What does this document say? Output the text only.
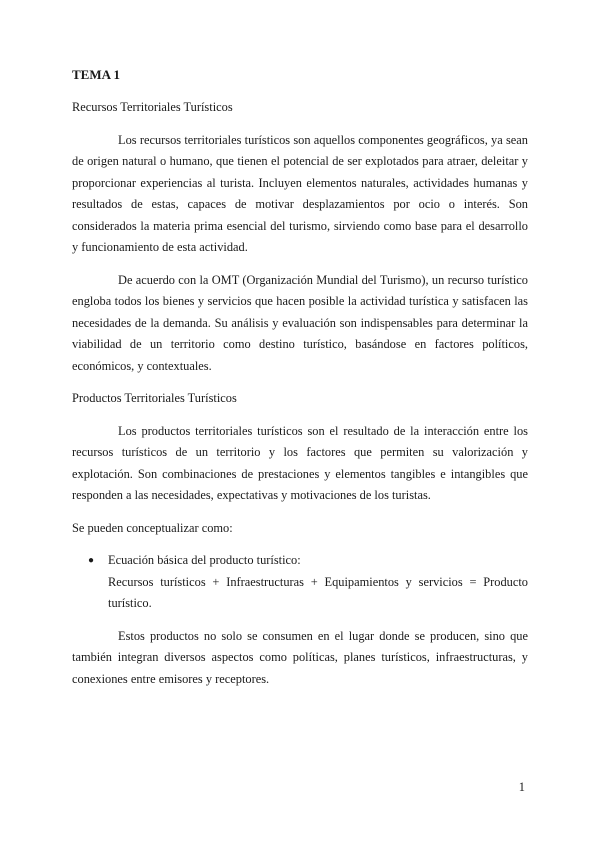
TEMA 1

Recursos Territoriales Turísticos

Los recursos territoriales turísticos son aquellos componentes geográficos, ya sean de origen natural o humano, que tienen el potencial de ser explotados para atraer, deleitar y proporcionar experiencias al turista. Incluyen elementos naturales, actividades humanas y resultados de estas, capaces de motivar desplazamientos por ocio o interés. Son considerados la materia prima esencial del turismo, sirviendo como base para el desarrollo y funcionamiento de esta actividad.

De acuerdo con la OMT (Organización Mundial del Turismo), un recurso turístico engloba todos los bienes y servicios que hacen posible la actividad turística y satisfacen las necesidades de la demanda. Su análisis y evaluación son indispensables para determinar la viabilidad de un territorio como destino turístico, basándose en factores políticos, económicos, y contextuales.

Productos Territoriales Turísticos

Los productos territoriales turísticos son el resultado de la interacción entre los recursos turísticos de un territorio y los factores que permiten su valorización y explotación. Son combinaciones de prestaciones y elementos tangibles e intangibles que responden a las necesidades, expectativas y motivaciones de los turistas.

Se pueden conceptualizar como:

● Ecuación básica del producto turístico:
Recursos turísticos + Infraestructuras + Equipamientos y servicios = Producto turístico.

Estos productos no solo se consumen en el lugar donde se producen, sino que también integran diversos aspectos como políticas, planes turísticos, infraestructuras, y conexiones entre emisores y receptores.

1
